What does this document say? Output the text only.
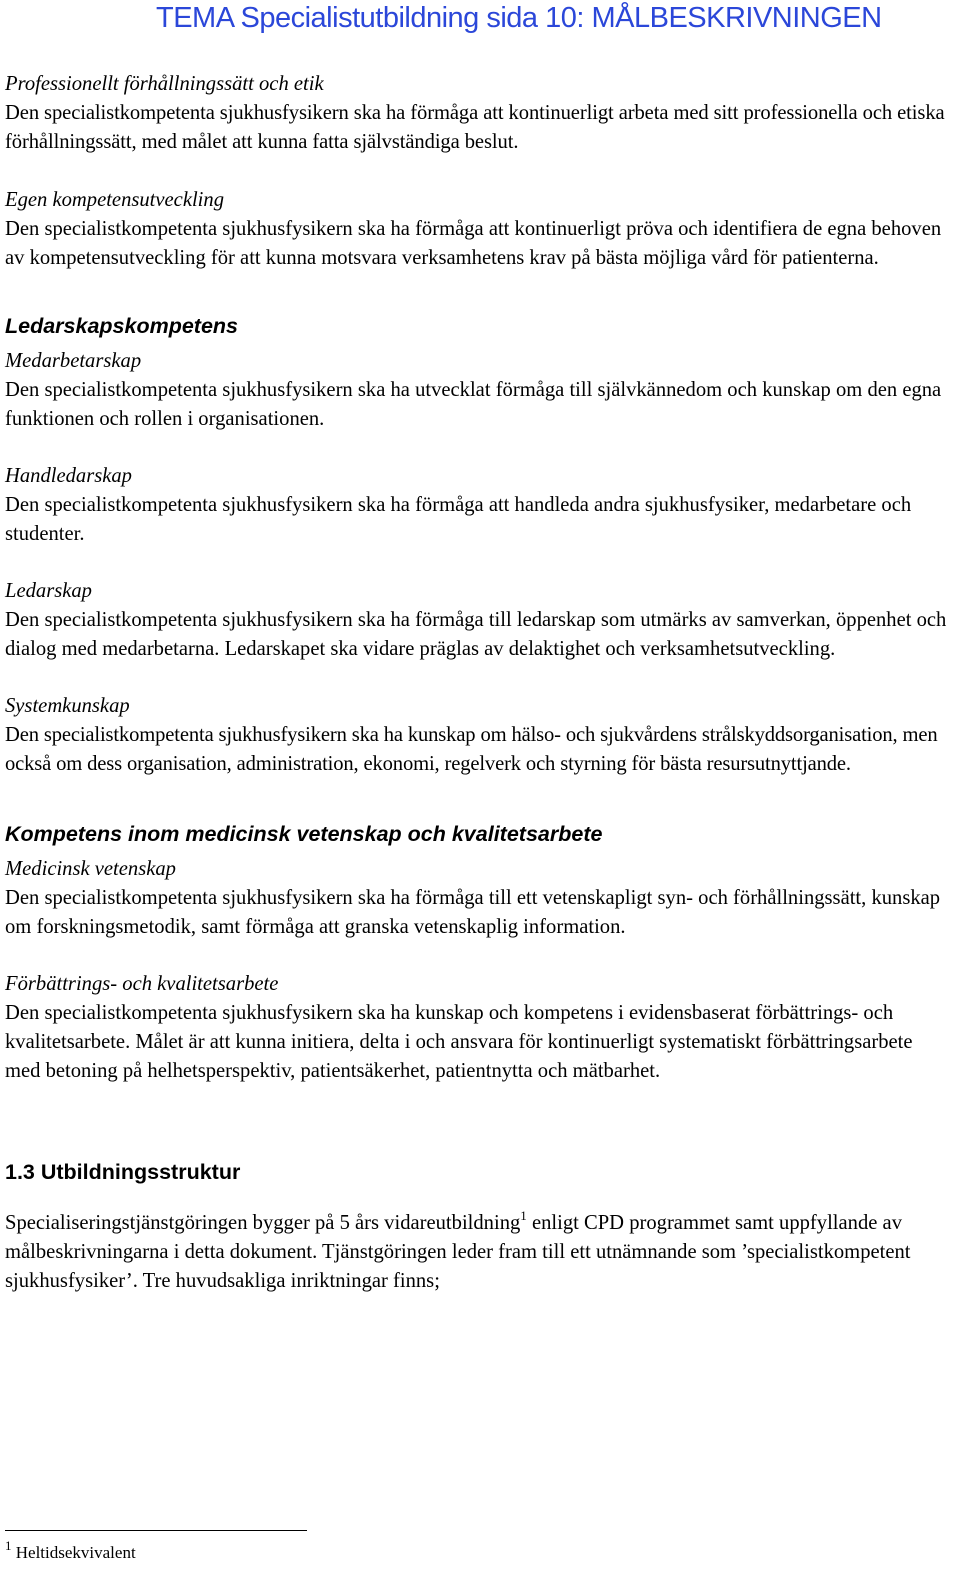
TEMA Specialistutbildning sida 10: MÅLBESKRIVNINGEN

Professionellt förhållningssätt och etik

Den specialistkompetenta sjukhusfysikern ska ha förmåga att kontinuerligt arbeta med sitt professionella och etiska förhållningssätt, med målet att kunna fatta självständiga beslut.

Egen kompetensutveckling

Den specialistkompetenta sjukhusfysikern ska ha förmåga att kontinuerligt pröva och identifiera de egna behoven av kompetensutveckling för att kunna motsvara verksamhetens krav på bästa möjliga vård för patienterna.

Ledarskapskompetens

Medarbetarskap

Den specialistkompetenta sjukhusfysikern ska ha utvecklat förmåga till självkännedom och kunskap om den egna funktionen och rollen i organisationen.

Handledarskap

Den specialistkompetenta sjukhusfysikern ska ha förmåga att handleda andra sjukhusfysiker, medarbetare och studenter.

Ledarskap

Den specialistkompetenta sjukhusfysikern ska ha förmåga till ledarskap som utmärks av samverkan, öppenhet och dialog med medarbetarna. Ledarskapet ska vidare präglas av delaktighet och verksamhetsutveckling.

Systemkunskap

Den specialistkompetenta sjukhusfysikern ska ha kunskap om hälso- och sjukvårdens strålskyddsorganisation, men också om dess organisation, administration, ekonomi, regelverk och styrning för bästa resursutnyttjande.

Kompetens inom medicinsk vetenskap och kvalitetsarbete

Medicinsk vetenskap

Den specialistkompetenta sjukhusfysikern ska ha förmåga till ett vetenskapligt syn- och förhållningssätt, kunskap om forskningsmetodik, samt förmåga att granska vetenskaplig information.

Förbättrings- och kvalitetsarbete

Den specialistkompetenta sjukhusfysikern ska ha kunskap och kompetens i evidensbaserat förbättrings- och kvalitetsarbete. Målet är att kunna initiera, delta i och ansvara för kontinuerligt systematiskt förbättringsarbete med betoning på helhetsperspektiv, patientsäkerhet, patientnytta och mätbarhet.

1.3 Utbildningsstruktur

Specialiseringstjänstgöringen bygger på 5 års vidareutbildning$^1$ enligt CPD programmet samt uppfyllande av målbeskrivningarna i detta dokument. Tjänstgöringen leder fram till ett utnämnande som ’specialistkompetent sjukhusfysiker’. Tre huvudsakliga inriktningar finns;

$^1$ Heltidsekvivalent
